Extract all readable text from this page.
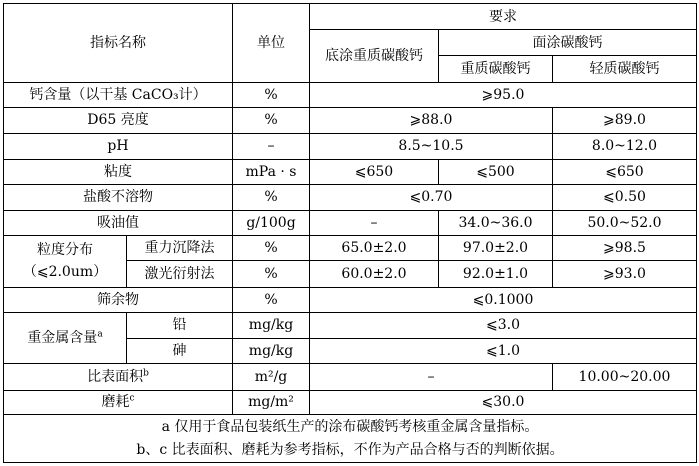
指标名称		单位	要求		
			底涂重质碳酸钙	面涂碳酸钙	
				重质碳酸钙	轻质碳酸钙
钙含量（以干基 CaCO₃计）		%	⩾95.0		
D65 亮度		%	⩾88.0		⩾89.0
pH		–	8.5~10.5		8.0~12.0
粘度		mPa · s	⩽650	⩽500	⩽650
盐酸不溶物		%	⩽0.70		⩽0.50
吸油值		g/100g	–	34.0~36.0	50.0~52.0

粒度分布
（⩽2.0um）	重力沉降法	%	65.0±2.0	97.0±2.0	⩾98.5
	激光衍射法	%	60.0±2.0	92.0±1.0	⩾93.0
筛余物		%	⩽0.1000		
重金属含量$^a$	铅	mg/kg	⩽3.0		
	砷	mg/kg	⩽1.0		
比表面积$^b$		m²/g	–		10.00~20.00
磨耗$^c$		mg/m²	⩽30.0		

a 仅用于食品包装纸生产的涂布碳酸钙考核重金属含量指标。
b、c 比表面积、磨耗为参考指标，不作为产品合格与否的判断依据。					
